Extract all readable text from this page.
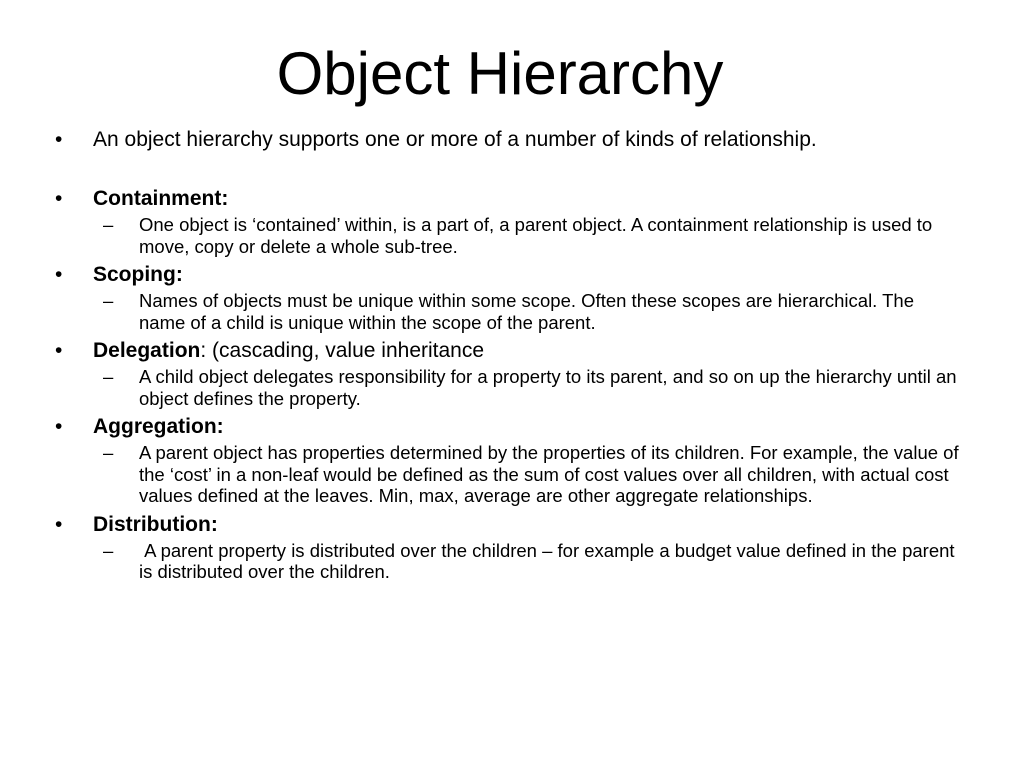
Object Hierarchy
•	An object hierarchy supports one or more of a number of kinds of relationship.
•	Containment:
– One object is ‘contained’ within, is a part of, a parent object. A containment relationship is used to move, copy or delete a whole sub-tree.
•	Scoping:
– Names of objects must be unique within some scope. Often these scopes are hierarchical. The name of a child is unique within the scope of the parent.
•	Delegation: (cascading, value inheritance
– A child object delegates responsibility for a property to its parent, and so on up the hierarchy until an object defines the property.
•	Aggregation:
– A parent object has properties determined by the properties of its children. For example, the value of the ‘cost’ in a non-leaf would be defined as the sum of cost values over all children, with actual cost values defined at the leaves. Min, max, average are other aggregate relationships.
•	Distribution:
– A parent property is distributed over the children – for example a budget value defined in the parent is distributed over the children.
